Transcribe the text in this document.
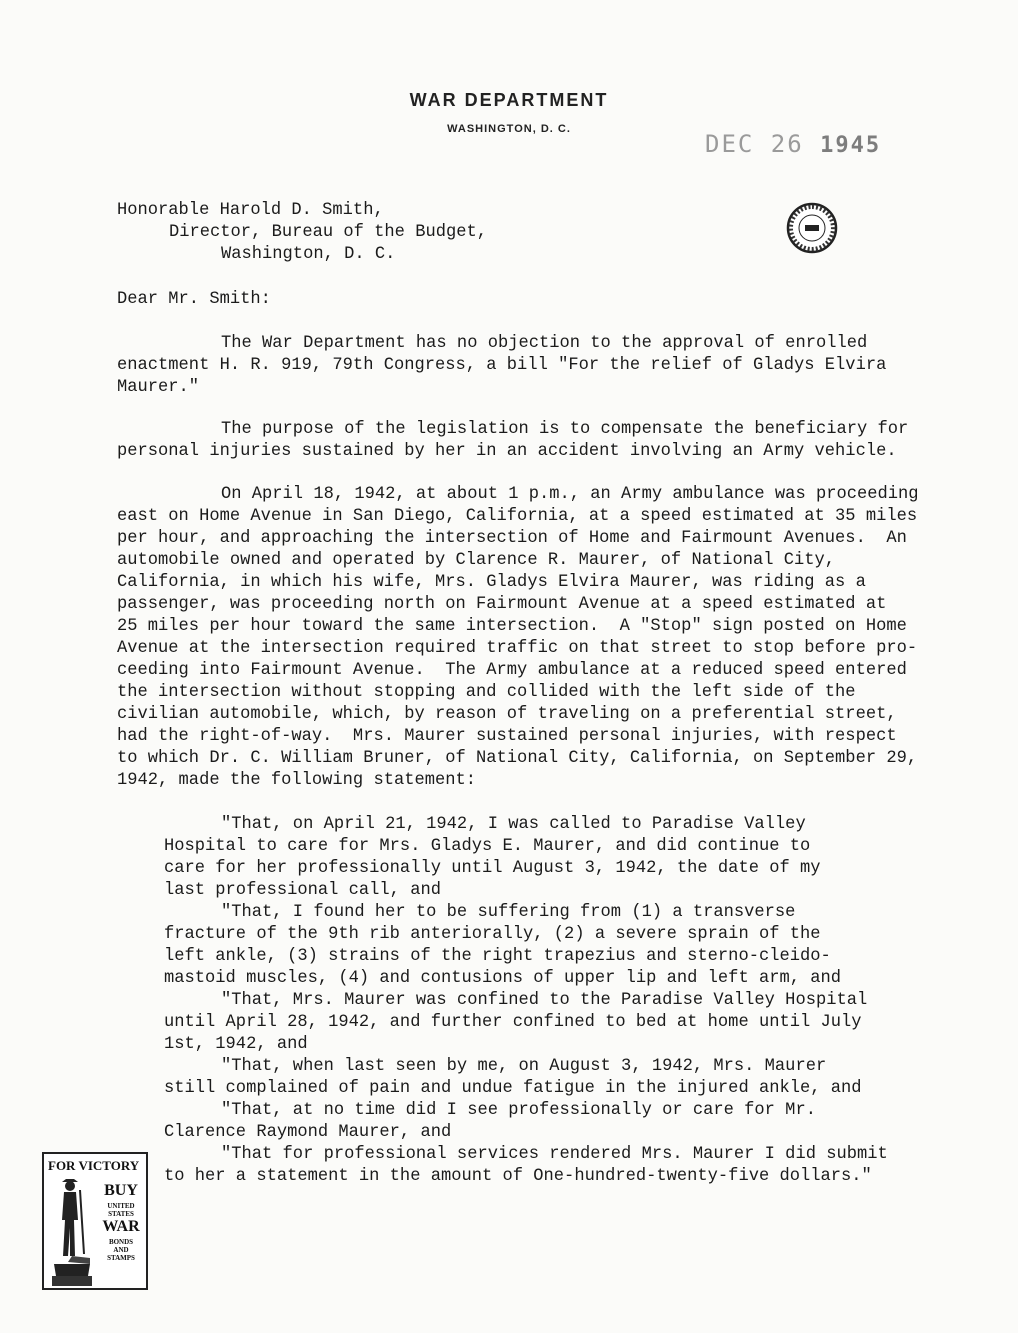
WAR DEPARTMENT
WASHINGTON, D. C.
DEC 26 1945
Honorable Harold D. Smith,
Director, Bureau of the Budget,
Washington, D. C.
Dear Mr. Smith:
The War Department has no objection to the approval of enrolled
enactment H. R. 919, 79th Congress, a bill "For the relief of Gladys Elvira
Maurer."
The purpose of the legislation is to compensate the beneficiary for
personal injuries sustained by her in an accident involving an Army vehicle.
On April 18, 1942, at about 1 p.m., an Army ambulance was proceeding
east on Home Avenue in San Diego, California, at a speed estimated at 35 miles
per hour, and approaching the intersection of Home and Fairmount Avenues.  An
automobile owned and operated by Clarence R. Maurer, of National City,
California, in which his wife, Mrs. Gladys Elvira Maurer, was riding as a
passenger, was proceeding north on Fairmount Avenue at a speed estimated at
25 miles per hour toward the same intersection.  A "Stop" sign posted on Home
Avenue at the intersection required traffic on that street to stop before pro-
ceeding into Fairmount Avenue.  The Army ambulance at a reduced speed entered
the intersection without stopping and collided with the left side of the
civilian automobile, which, by reason of traveling on a preferential street,
had the right-of-way.  Mrs. Maurer sustained personal injuries, with respect
to which Dr. C. William Bruner, of National City, California, on September 29,
1942, made the following statement:
"That, on April 21, 1942, I was called to Paradise Valley
Hospital to care for Mrs. Gladys E. Maurer, and did continue to
care for her professionally until August 3, 1942, the date of my
last professional call, and
"That, I found her to be suffering from (1) a transverse
fracture of the 9th rib anteriorally, (2) a severe sprain of the
left ankle, (3) strains of the right trapezius and sterno-cleido-
mastoid muscles, (4) and contusions of upper lip and left arm, and
"That, Mrs. Maurer was confined to the Paradise Valley Hospital
until April 28, 1942, and further confined to bed at home until July
1st, 1942, and
"That, when last seen by me, on August 3, 1942, Mrs. Maurer
still complained of pain and undue fatigue in the injured ankle, and
"That, at no time did I see professionally or care for Mr.
Clarence Raymond Maurer, and
"That for professional services rendered Mrs. Maurer I did submit
to her a statement in the amount of One-hundred-twenty-five dollars."
FOR VICTORY
BUY
UNITED
STATES
WAR
BONDS
AND
STAMPS
